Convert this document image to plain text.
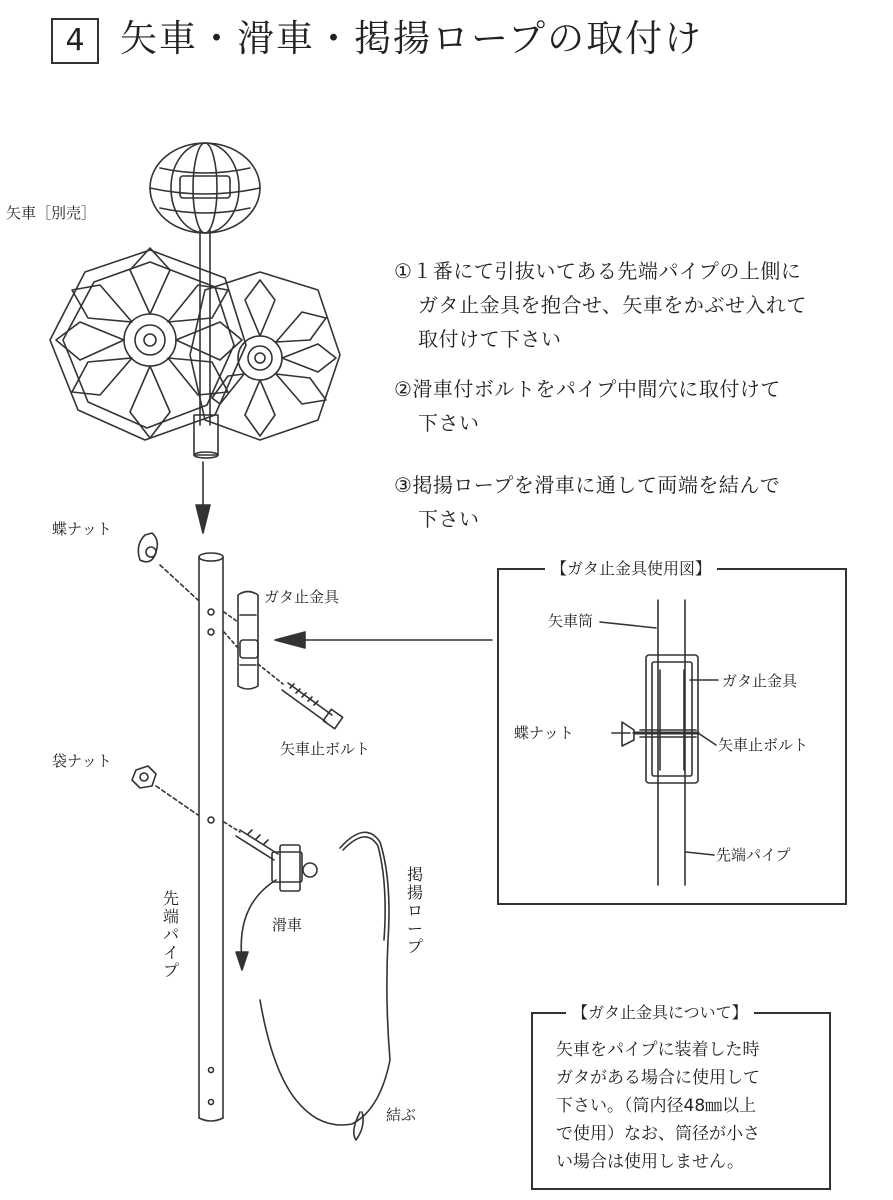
4 矢車・滑車・掲揚ロープの取付け
矢車［別売］
蝶ナット
ガタ止金具
矢車止ボルト
袋ナット
先端パイプ
滑車
掲揚ロープ
結ぶ
①１番にて引抜いてある先端パイプの上側に
ガタ止金具を抱合せ、矢車をかぶせ入れて
取付けて下さい
②滑車付ボルトをパイプ中間穴に取付けて
下さい
③掲揚ロープを滑車に通して両端を結んで
下さい
【ガタ止金具使用図】
矢車筒
ガタ止金具
蝶ナット
矢車止ボルト
先端パイプ
【ガタ止金具について】
矢車をパイプに装着した時
ガタがある場合に使用して
下さい。（筒内径48㎜以上
で使用）なお、筒径が小さ
い場合は使用しません。
